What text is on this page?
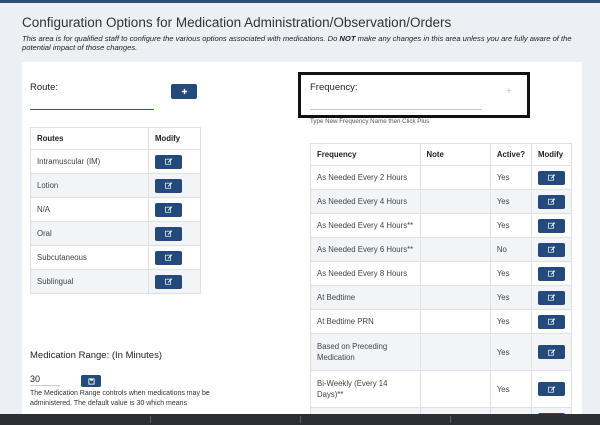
Configuration Options for Medication Administration/Observation/Orders
This area is for qualified staff to configure the various options associated with medications. Do NOT make any changes in this area unless you are fully aware of the potential impact of those changes.
Route:
Routes	Modify
Intramuscular (IM)	

Lotion	

N/A	

Oral	

Subcutaneous	

Sublingual	
Frequency:	+
Type New Frequency Name then Click Plus
Frequency	Note	Active?	Modify
As Needed Every 2 Hours		Yes	

As Needed Every 4 Hours		Yes	

As Needed Every 4 Hours**		Yes	

As Needed Every 6 Hours**		No	

As Needed Every 8 Hours		Yes	

At Bedtime		Yes	

At Bedtime PRN		Yes	

Based on Preceding Medication		Yes	

Bi-Weekly (Every 14 Days)**		Yes	

Medication Range: (In Minutes)
30
The Medication Range controls when medications may be administered. The default value is 30 which means
